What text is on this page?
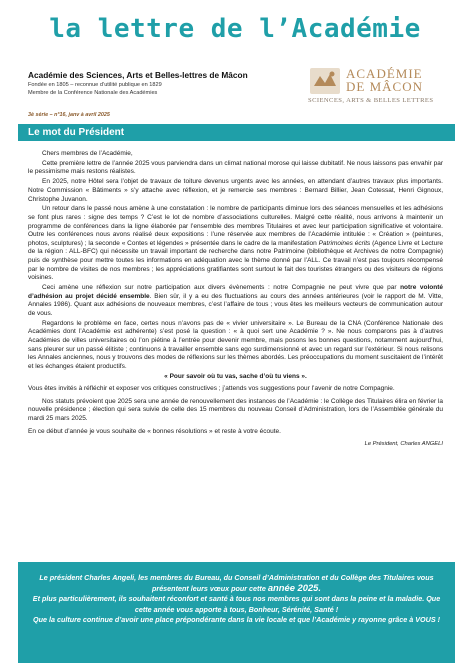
la lettre de l’Académie
Académie des Sciences, Arts et Belles-lettres de Mâcon
Fondée en 1805 – reconnue d’utilité publique en 1829
Membre de la Conférence Nationale des Académies
3è série – n°16, janv à avril 2025
ACADÉMIE
DE MÂCON
SCIENCES, ARTS & BELLES LETTRES
Le mot du Président

Chers membres de l’Académie,

Cette première lettre de l’année 2025 vous parviendra dans un climat national morose qui laisse dubitatif. Ne nous laissons pas envahir par le pessimisme mais restons réalistes.

En 2025, notre Hôtel sera l’objet de travaux de toiture devenus urgents avec les années, en attendant d’autres travaux plus importants. Notre Commission « Bâtiments » s’y attache avec réflexion, et je remercie ses membres : Bernard Billier, Jean Cotessat, Henri Gignoux, Christophe Juvanon.

Un retour dans le passé nous amène à une constatation : le nombre de participants diminue lors des séances mensuelles et les adhésions se font plus rares : signe des temps ? C’est le lot de nombre d’associations culturelles. Malgré cette réalité, nous arrivons à maintenir un programme de conférences dans la ligne élaborée par l’ensemble des membres Titulaires et avec leur participation significative et volontaire. Outre les conférences nous avons réalisé deux expositions : l’une réservée aux membres de l’Académie intitulée : « Création » (peintures, photos, sculptures) ; la seconde « Contes et légendes » présentée dans le cadre de la manifestation Patrimoines écrits (Agence Livre et Lecture de la région : ALL-BFC) qui nécessite un travail important de recherche dans notre Patrimoine (bibliothèque et Archives de notre Compagnie) puis de synthèse pour mettre toutes les informations en adéquation avec le thème donné par l’ALL. Ce travail n’est pas toujours récompensé par le nombre de visites de nos membres ; les appréciations gratifiantes sont surtout le fait des touristes étrangers ou des visiteurs de régions voisines.

Ceci amène une réflexion sur notre participation aux divers évènements : notre Compagnie ne peut vivre que par notre volonté d’adhésion au projet décidé ensemble. Bien sûr, il y a eu des fluctuations au cours des années antérieures (voir le rapport de M. Vitte, Annales 1986). Quant aux adhésions de nouveaux membres, c’est l’affaire de tous ; vous êtes les meilleurs vecteurs de communication autour de vous.

Regardons le problème en face, certes nous n’avons pas de « vivier universitaire ». Le Bureau de la CNA (Conférence Nationale des Académies dont l’Académie est adhérente) s’est posé la question : « à quoi sert une Académie ? ». Ne nous comparons pas à d’autres Académies de villes universitaires où l’on piétine à l’entrée pour devenir membre, mais posons les bonnes questions, notamment aujourd’hui, sans pleurer sur un passé élitiste ; continuons à travailler ensemble sans ego surdimensionné et avec un regard sur l’extérieur. Si nous relisons les Annales anciennes, nous y trouvons des modes de réflexions sur les thèmes abordés. Les préoccupations du moment suscitaient de l’intérêt et les échanges étaient productifs.

« Pour savoir où tu vas, sache d’où tu viens ».

Vous êtes invités à réfléchir et exposer vos critiques constructives ; j’attends vos suggestions pour l’avenir de notre Compagnie.

Nos statuts prévoient que 2025 sera une année de renouvellement des instances de l’Académie : le Collège des Titulaires élira en février la nouvelle présidence ; élection qui sera suivie de celle des 15 membres du nouveau Conseil d’Administration, lors de l’Assemblée générale du mardi 25 mars 2025.

En ce début d’année je vous souhaite de « bonnes résolutions » et reste à votre écoute.

Le Président, Charles ANGELI

Le président Charles Angeli, les membres du Bureau, du Conseil d’Administration et du Collège des Titulaires vous présentent leurs vœux pour cette année 2025.
Et plus particulièrement, ils souhaitent réconfort et santé à tous nos membres qui sont dans la peine et la maladie. Que cette année vous apporte à tous, Bonheur, Sérénité, Santé !
Que la culture continue d’avoir une place prépondérante dans la vie locale et que l’Académie y rayonne grâce à VOUS !
